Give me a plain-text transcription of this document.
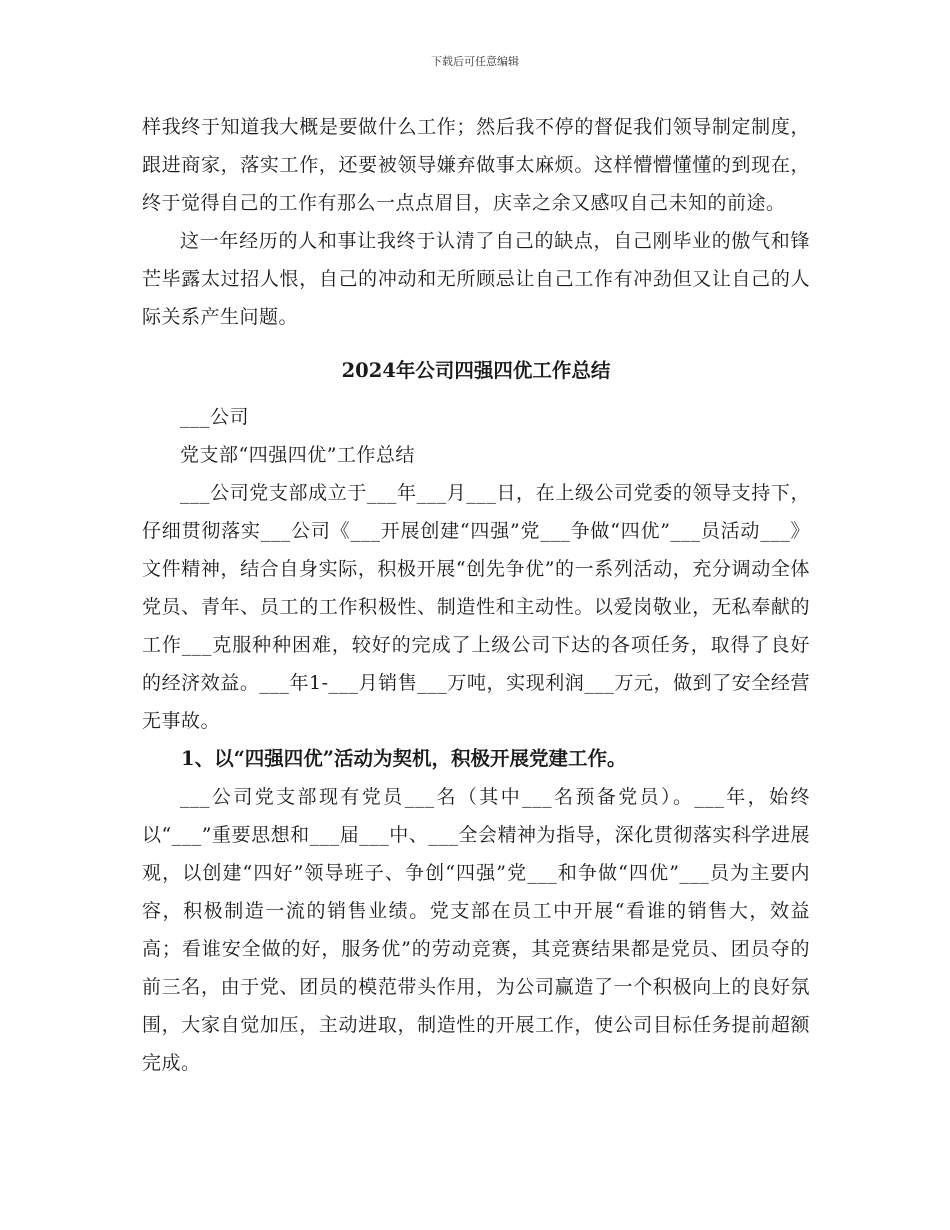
下载后可任意编辑

样我终于知道我大概是要做什么工作；然后我不停的督促我们领导制定制度，跟进商家，落实工作，还要被领导嫌弃做事太麻烦。这样懵懵懂懂的到现在，终于觉得自己的工作有那么一点点眉目，庆幸之余又感叹自己未知的前途。

这一年经历的人和事让我终于认清了自己的缺点，自己刚毕业的傲气和锋芒毕露太过招人恨，自己的冲动和无所顾忌让自己工作有冲劲但又让自己的人际关系产生问题。

2024年公司四强四优工作总结

___公司

党支部“四强四优”工作总结

___公司党支部成立于___年___月___日，在上级公司党委的领导支持下，仔细贯彻落实___公司《___开展创建“四强”党___争做“四优”___员活动___》文件精神，结合自身实际，积极开展“创先争优”的一系列活动，充分调动全体党员、青年、员工的工作积极性、制造性和主动性。以爱岗敬业，无私奉献的工作___克服种种困难，较好的完成了上级公司下达的各项任务，取得了良好的经济效益。___年1-___月销售___万吨，实现利润___万元，做到了安全经营无事故。

1、以“四强四优”活动为契机，积极开展党建工作。

___公司党支部现有党员___名（其中___名预备党员）。___年，始终以“___”重要思想和___届___中、___全会精神为指导，深化贯彻落实科学进展观，以创建“四好”领导班子、争创“四强”党___和争做“四优”___员为主要内容，积极制造一流的销售业绩。党支部在员工中开展“看谁的销售大，效益高；看谁安全做的好，服务优”的劳动竞赛，其竞赛结果都是党员、团员夺的前三名，由于党、团员的模范带头作用，为公司赢造了一个积极向上的良好氛围，大家自觉加压，主动进取，制造性的开展工作，使公司目标任务提前超额完成。
